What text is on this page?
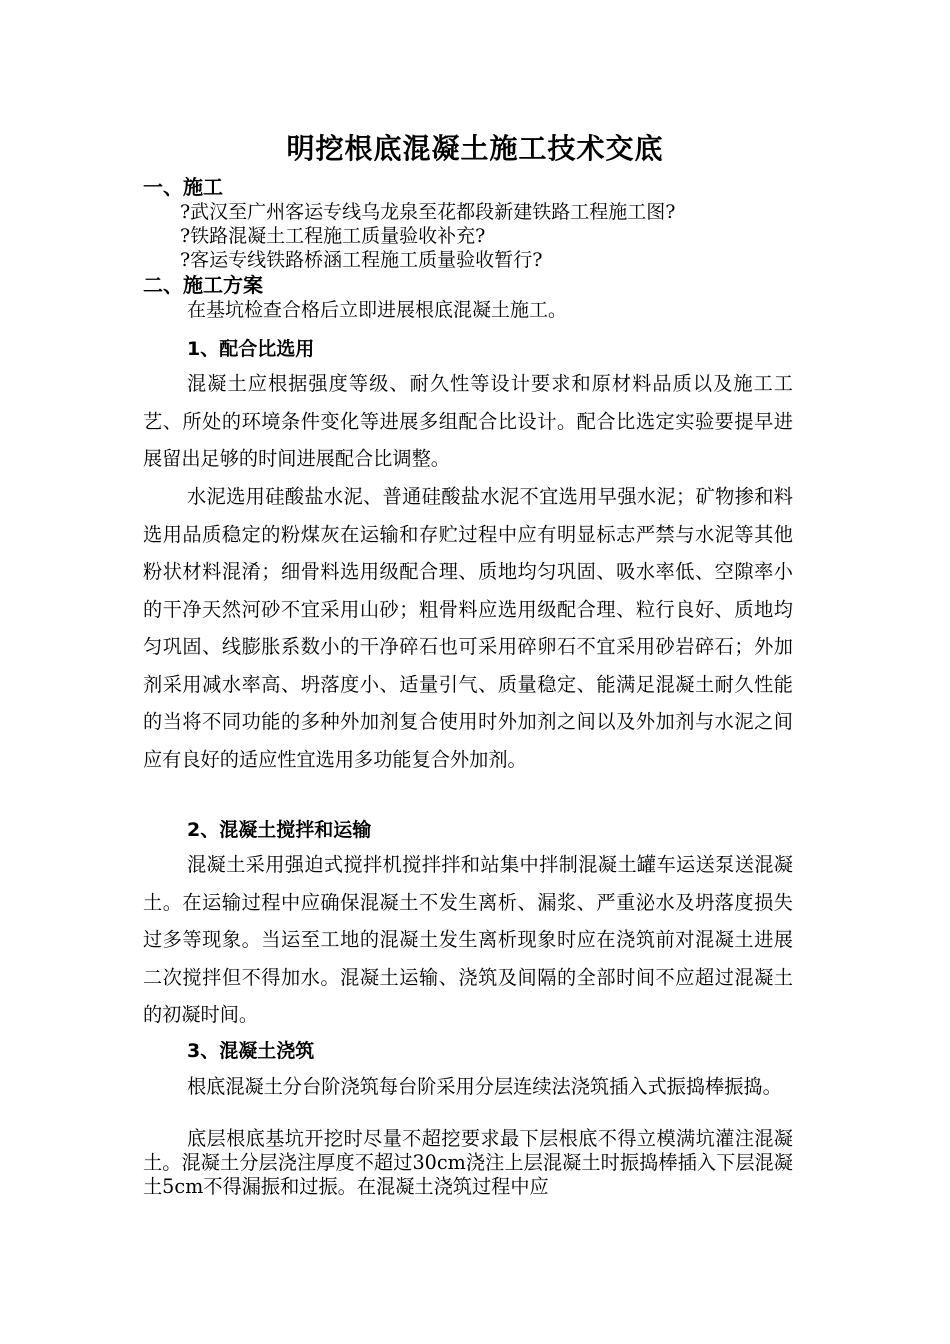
明挖根底混凝土施工技术交底
一、施工
?武汉至广州客运专线乌龙泉至花都段新建铁路工程施工图?
?铁路混凝土工程施工质量验收补充?
?客运专线铁路桥涵工程施工质量验收暂行?
二、施工方案
在基坑检查合格后立即进展根底混凝土施工。
1、配合比选用

混凝土应根据强度等级、耐久性等设计要求和原材料品质以及施工工艺、所处的环境条件变化等进展多组配合比设计。配合比选定实验要提早进展留出足够的时间进展配合比调整。

水泥选用硅酸盐水泥、普通硅酸盐水泥不宜选用早强水泥；矿物掺和料选用品质稳定的粉煤灰在运输和存贮过程中应有明显标志严禁与水泥等其他粉状材料混淆；细骨料选用级配合理、质地均匀巩固、吸水率低、空隙率小的干净天然河砂不宜采用山砂；粗骨料应选用级配合理、粒行良好、质地均匀巩固、线膨胀系数小的干净碎石也可采用碎卵石不宜采用砂岩碎石；外加剂采用减水率高、坍落度小、适量引气、质量稳定、能满足混凝土耐久性能的当将不同功能的多种外加剂复合使用时外加剂之间以及外加剂与水泥之间应有良好的适应性宜选用多功能复合外加剂。

2、混凝土搅拌和运输

混凝土采用强迫式搅拌机搅拌拌和站集中拌制混凝土罐车运送泵送混凝土。在运输过程中应确保混凝土不发生离析、漏浆、严重泌水及坍落度损失过多等现象。当运至工地的混凝土发生离析现象时应在浇筑前对混凝土进展二次搅拌但不得加水。混凝土运输、浇筑及间隔的全部时间不应超过混凝土的初凝时间。

3、混凝土浇筑

根底混凝土分台阶浇筑每台阶采用分层连续法浇筑插入式振捣棒振捣。

底层根底基坑开挖时尽量不超挖要求最下层根底不得立模满坑灌注混凝土。混凝土分层浇注厚度不超过30cm浇注上层混凝土时振捣棒插入下层混凝土5cm不得漏振和过振。在混凝土浇筑过程中应
